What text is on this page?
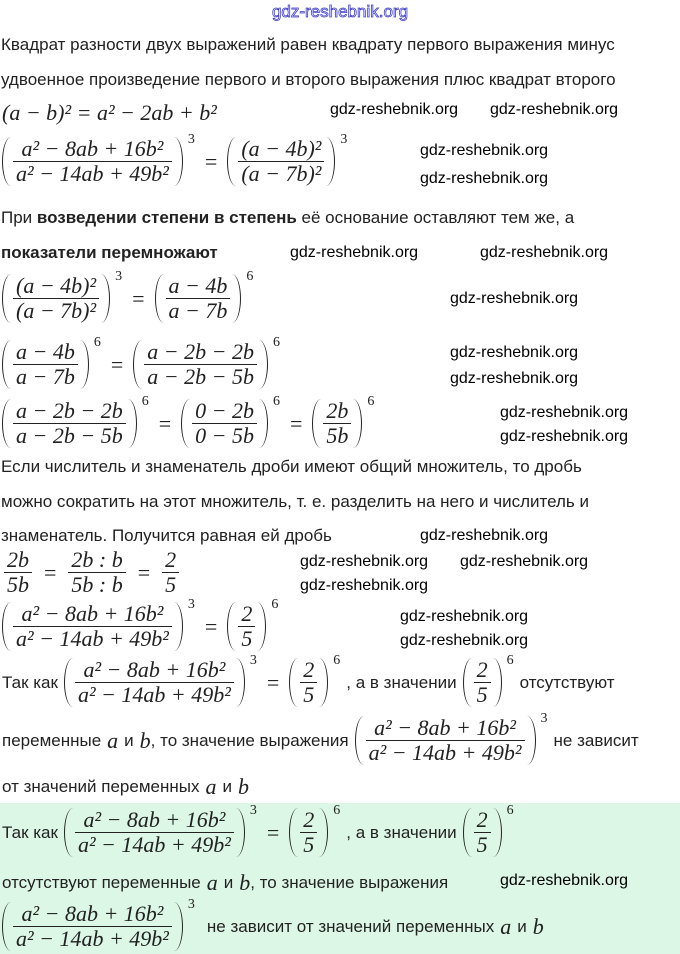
gdz-reshebnik.org
Квадрат разности двух выражений равен квадрату первого выражения минус
удвоенное произведение первого и второго выражения плюс квадрат второго
(a − b)² = a² − 2ab + b²
$\frac{\text{a² − 8ab + 16b²}}{\text{a² − 14ab + 49b²}} ^3$
= $\frac{\text{(a − 4b)²}}{\text{(a − 7b)²}} ^3$
При возведении степени в степень её основание оставляют тем же, а
показатели перемножают
$\frac{\text{(a − 4b)²}}{\text{(a − 7b)²}} ^3$
= $\frac{a - 4b}{a - 7b} ^6$
$\frac{a - 4b}{a - 7b} ^6$
= $\frac{a - 2b - 2b}{a - 2b - 5b} ^6$
$\frac{a - 2b - 2b}{a - 2b - 5b} ^6$
= $\frac{0 - 2b}{0 - 5b} ^6$
= $\frac{2b}{5b} ^6$
Если числитель и знаменатель дроби имеют общий множитель, то дробь
можно сократить на этот множитель, т. е. разделить на него и числитель и
знаменатель. Получится равная ей дробь
$\frac{2b}{5b} = \frac{2b : b}{5b : b} = \frac{2}{5}$
$\frac{\text{a² − 8ab + 16b²}}{\text{a² − 14ab + 49b²}} ^3$
= $\frac{2}{5} ^6$
Так как $\frac{\text{a² − 8ab + 16b²}}{\text{a² − 14ab + 49b²}} ^3$
= $\frac{2}{5} ^6$
, а в значении $\frac{2}{5} ^6$
отсутствуют
переменные a и b , то значение выражения $\frac{\text{a² − 8ab + 16b²}}{\text{a² − 14ab + 49b²}} ^3$
не зависит
от значений переменных a и b
Так как $\frac{\text{a² − 8ab + 16b²}}{\text{a² − 14ab + 49b²}} ^3$
= $\frac{2}{5} ^6$
, а в значении $\frac{2}{5} ^6$
отсутствуют переменные a и b , то значение выражения
$\frac{\text{a² − 8ab + 16b²}}{\text{a² − 14ab + 49b²}} ^3$
не зависит от значений переменных a и b
gdz-reshebnik.org gdz-reshebnik.org
gdz-reshebnik.org
gdz-reshebnik.org
gdz-reshebnik.org	gdz-reshebnik.org
gdz-reshebnik.org
gdz-reshebnik.org
gdz-reshebnik.org
gdz-reshebnik.org
gdz-reshebnik.org
gdz-reshebnik.org
gdz-reshebnik.org gdz-reshebnik.org
gdz-reshebnik.org
gdz-reshebnik.org
gdz-reshebnik.org
gdz-reshebnik.org
